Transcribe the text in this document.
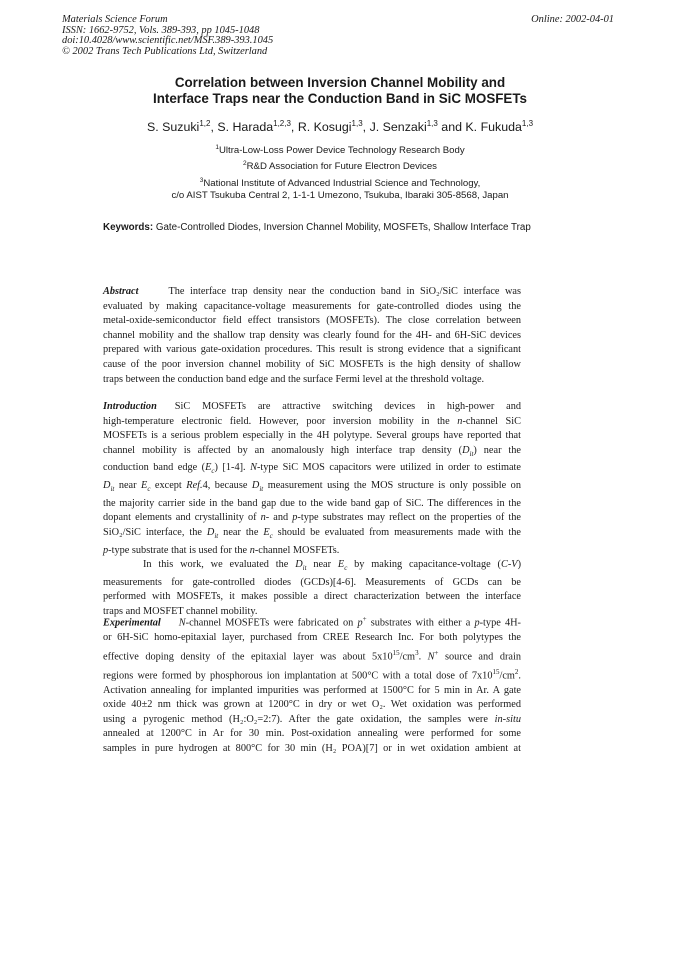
Materials Science Forum
ISSN: 1662-9752, Vols. 389-393, pp 1045-1048
doi:10.4028/www.scientific.net/MSF.389-393.1045
© 2002 Trans Tech Publications Ltd, Switzerland
Online: 2002-04-01
Correlation between Inversion Channel Mobility and
Interface Traps near the Conduction Band in SiC MOSFETs
S. Suzuki$^{1,2}$, S. Harada$^{1,2,3}$, R. Kosugi$^{1,3}$, J. Senzaki$^{1,3}$ and K. Fukuda$^{1,3}$
$^1$Ultra-Low-Loss Power Device Technology Research Body
$^2$R&D Association for Future Electron Devices
$^3$National Institute of Advanced Industrial Science and Technology,
c/o AIST Tsukuba Central 2, 1-1-1 Umezono, Tsukuba, Ibaraki 305-8568, Japan
Keywords: Gate-Controlled Diodes, Inversion Channel Mobility, MOSFETs, Shallow Interface Trap
Abstract	The interface trap density near the conduction band in SiO₂/SiC interface was
evaluated by making capacitance-voltage measurements for gate-controlled diodes using the
metal-oxide-semiconductor field effect transistors (MOSFETs). The close correlation between
channel mobility and the shallow trap density was clearly found for the 4H- and 6H-SiC devices
prepared with various gate-oxidation procedures. This result is strong evidence that a significant
cause of the poor inversion channel mobility of SiC MOSFETs is the high density of shallow
traps between the conduction band edge and the surface Fermi level at the threshold voltage.
Introduction SiC MOSFETs are attractive switching devices in high-power and
high-temperature electronic field. However, poor inversion mobility in the n-channel SiC
MOSFETs is a serious problem especially in the 4H polytype. Several groups have reported that
channel mobility is affected by an anomalously high interface trap density $(D_{it})$ near the
conduction band edge $(E_c)$ [1-4]. N-type SiC MOS capacitors were utilized in order to estimate
$D_{it}$ near $E_c$ except Ref.4, because $D_{it}$ measurement using the MOS structure is only possible on
the majority carrier side in the band gap due to the wide band gap of SiC. The differences in the
dopant elements and crystallinity of n- and p-type substrates may reflect on the properties of the
SiO₂/SiC interface, the $D_{it}$ near the $E_c$ should be evaluated from measurements made with the
p-type substrate that is used for the n-channel MOSFETs.
In this work, we evaluated the $D_{it}$ near $E_c$ by making capacitance-voltage (C-V)
measurements for gate-controlled diodes (GCDs)[4-6]. Measurements of GCDs can be
performed with MOSFETs, it makes possible a direct characterization between the interface
traps and MOSFET channel mobility.
Experimental N-channel MOSFETs were fabricated on p+ substrates with either a p-type 4H-
or 6H-SiC homo-epitaxial layer, purchased from CREE Research Inc. For both polytypes the
effective doping density of the epitaxial layer was about $5x10^{15}/cm^3$. N+ source and drain
regions were formed by phosphorous ion implantation at 500°C with a total dose of $7x10^{15}/cm^2$.
Activation annealing for implanted impurities was performed at 1500°C for 5 min in Ar. A gate
oxide 40±2 nm thick was grown at 1200°C in dry or wet O₂. Wet oxidation was performed
using a pyrogenic method (H₂:O₂=2:7). After the gate oxidation, the samples were in-situ
annealed at 1200°C in Ar for 30 min. Post-oxidation annealing were performed for some
samples in pure hydrogen at 800°C for 30 min (H₂ POA)[7] or in wet oxidation ambient at
